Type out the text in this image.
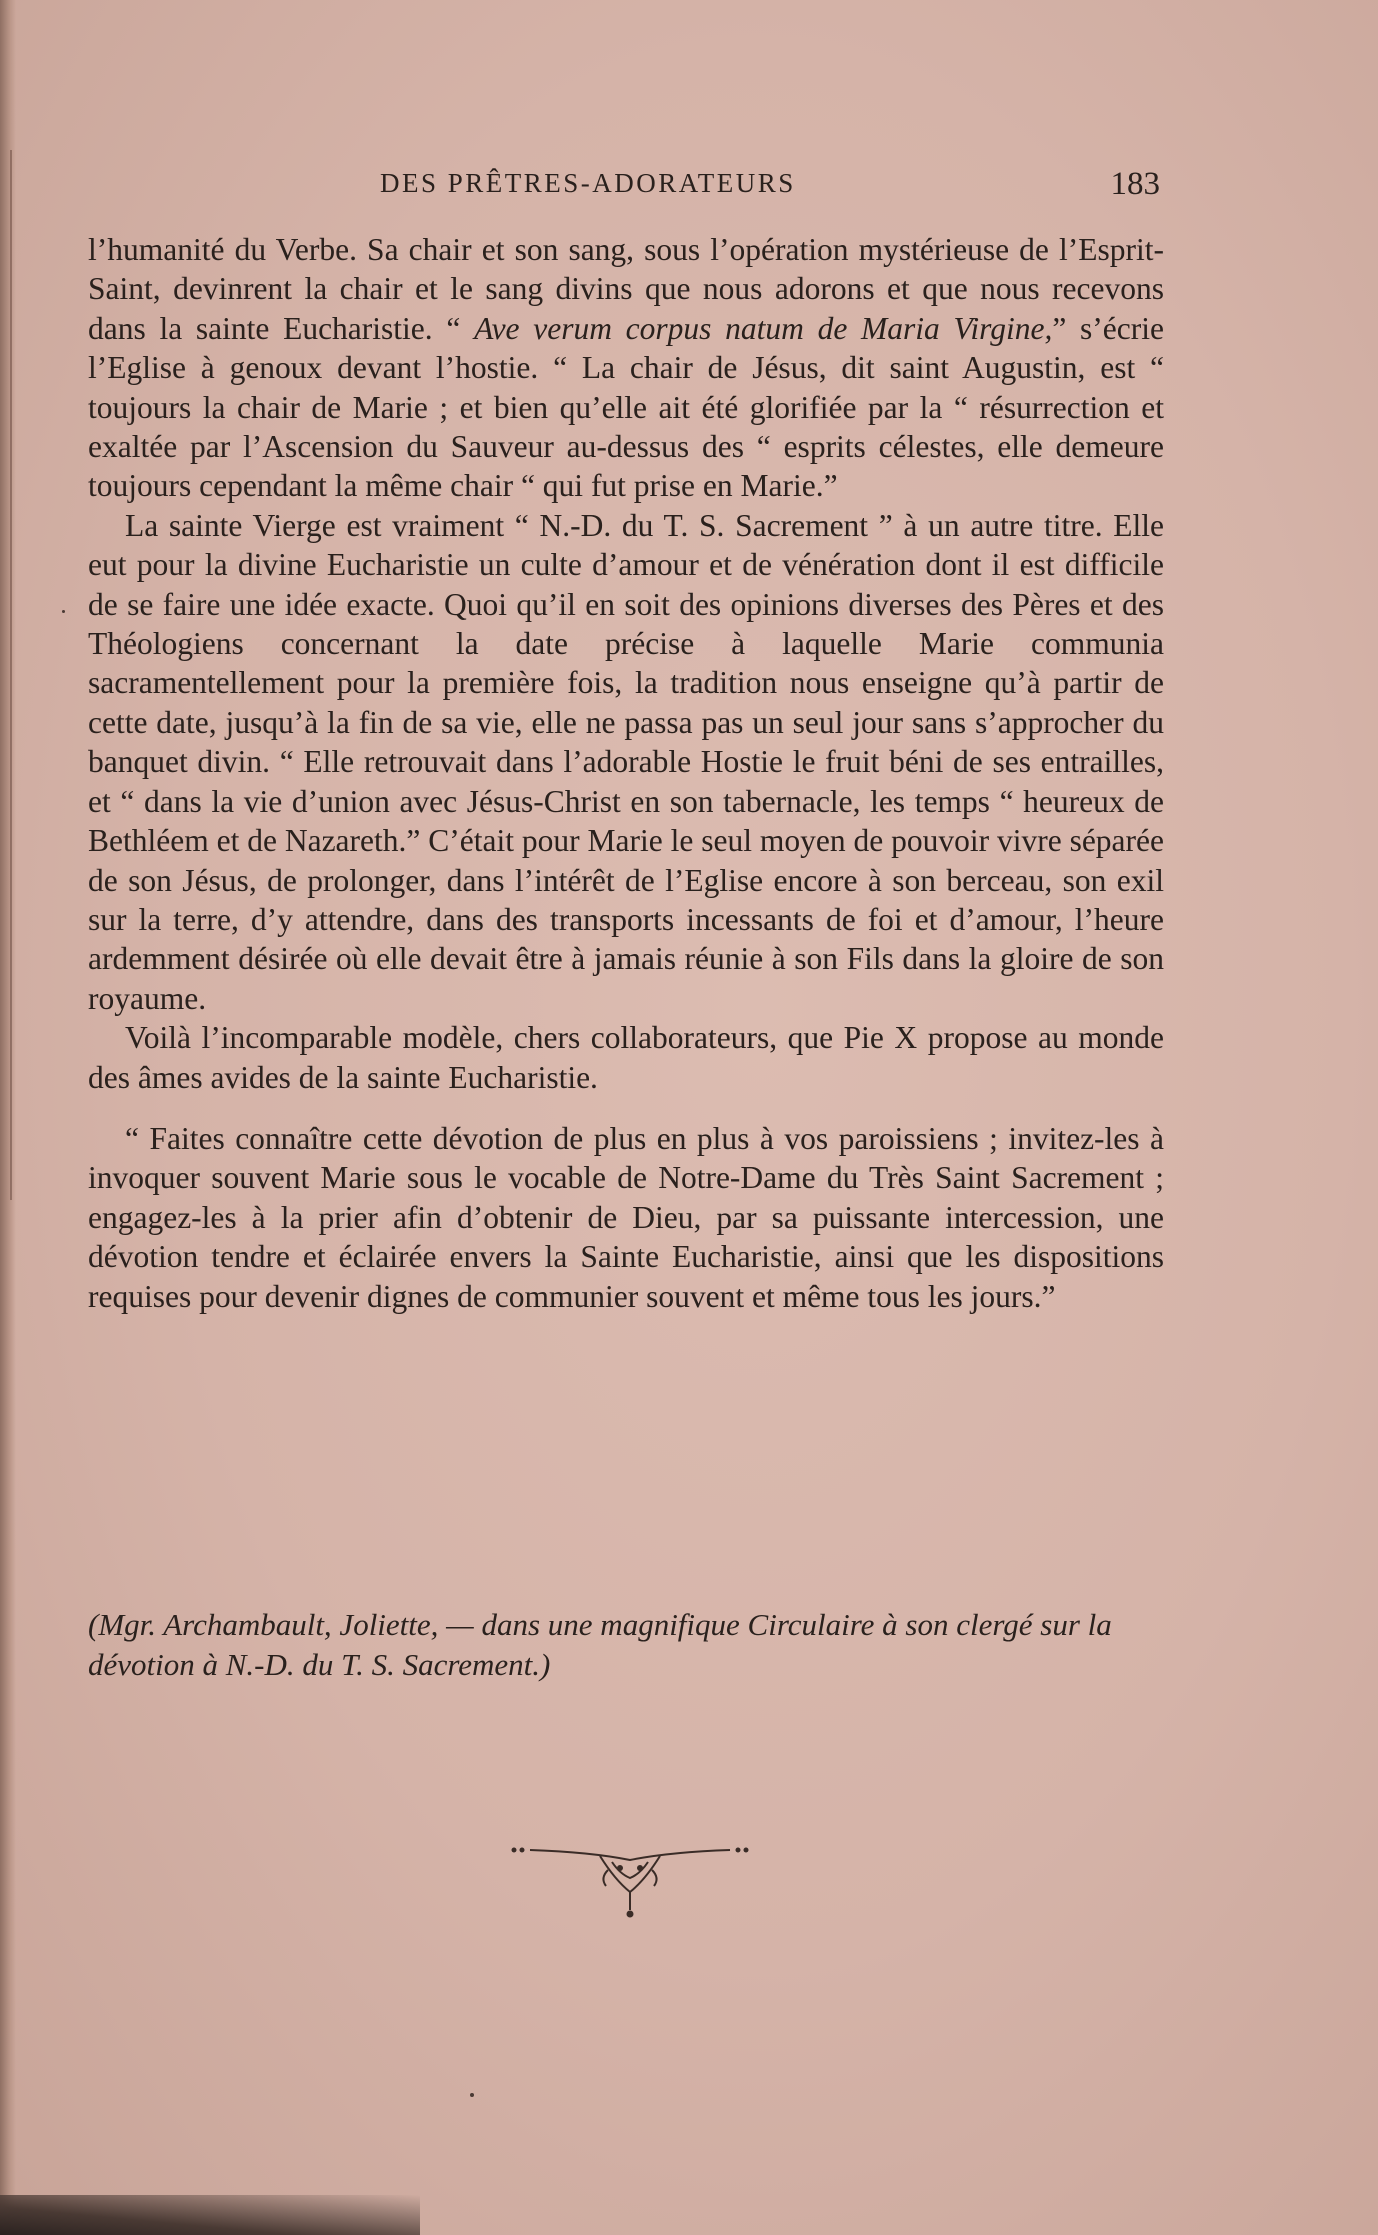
DES PRÊTRES-ADORATEURS	183

l’humanité du Verbe. Sa chair et son sang, sous l’opération mystérieuse de l’Esprit-Saint, devinrent la chair et le sang divins que nous adorons et que nous recevons dans la sainte Eucharistie. “ Ave verum corpus natum de Maria Virgine,” s’écrie l’Eglise à genoux devant l’hostie. “ La chair de Jésus, dit saint Augustin, est “ toujours la chair de Marie ; et bien qu’elle ait été glorifiée par la “ résurrection et exaltée par l’Ascension du Sauveur au-dessus des “ esprits célestes, elle demeure toujours cependant la même chair “ qui fut prise en Marie.”

La sainte Vierge est vraiment “ N.-D. du T. S. Sacrement ” à un autre titre. Elle eut pour la divine Eucharistie un culte d’amour et de vénération dont il est difficile de se faire une idée exacte. Quoi qu’il en soit des opinions diverses des Pères et des Théologiens concernant la date précise à laquelle Marie communia sacramentellement pour la première fois, la tradition nous enseigne qu’à partir de cette date, jusqu’à la fin de sa vie, elle ne passa pas un seul jour sans s’approcher du banquet divin. “ Elle retrouvait dans l’adorable Hostie le fruit béni de ses entrailles, et “ dans la vie d’union avec Jésus-Christ en son tabernacle, les temps “ heureux de Bethléem et de Nazareth.” C’était pour Marie le seul moyen de pouvoir vivre séparée de son Jésus, de prolonger, dans l’intérêt de l’Eglise encore à son berceau, son exil sur la terre, d’y attendre, dans des transports incessants de foi et d’amour, l’heure ardemment désirée où elle devait être à jamais réunie à son Fils dans la gloire de son royaume.

Voilà l’incomparable modèle, chers collaborateurs, que Pie X propose au monde des âmes avides de la sainte Eucharistie.

“ Faites connaître cette dévotion de plus en plus à vos paroissiens ; invitez-les à invoquer souvent Marie sous le vocable de Notre-Dame du Très Saint Sacrement ; engagez-les à la prier afin d’obtenir de Dieu, par sa puissante intercession, une dévotion tendre et éclairée envers la Sainte Eucharistie, ainsi que les dispositions requises pour devenir dignes de communier souvent et même tous les jours.”

(Mgr. Archambault, Joliette, — dans une magnifique Circulaire à son clergé sur la dévotion à N.-D. du T. S. Sacrement.)
